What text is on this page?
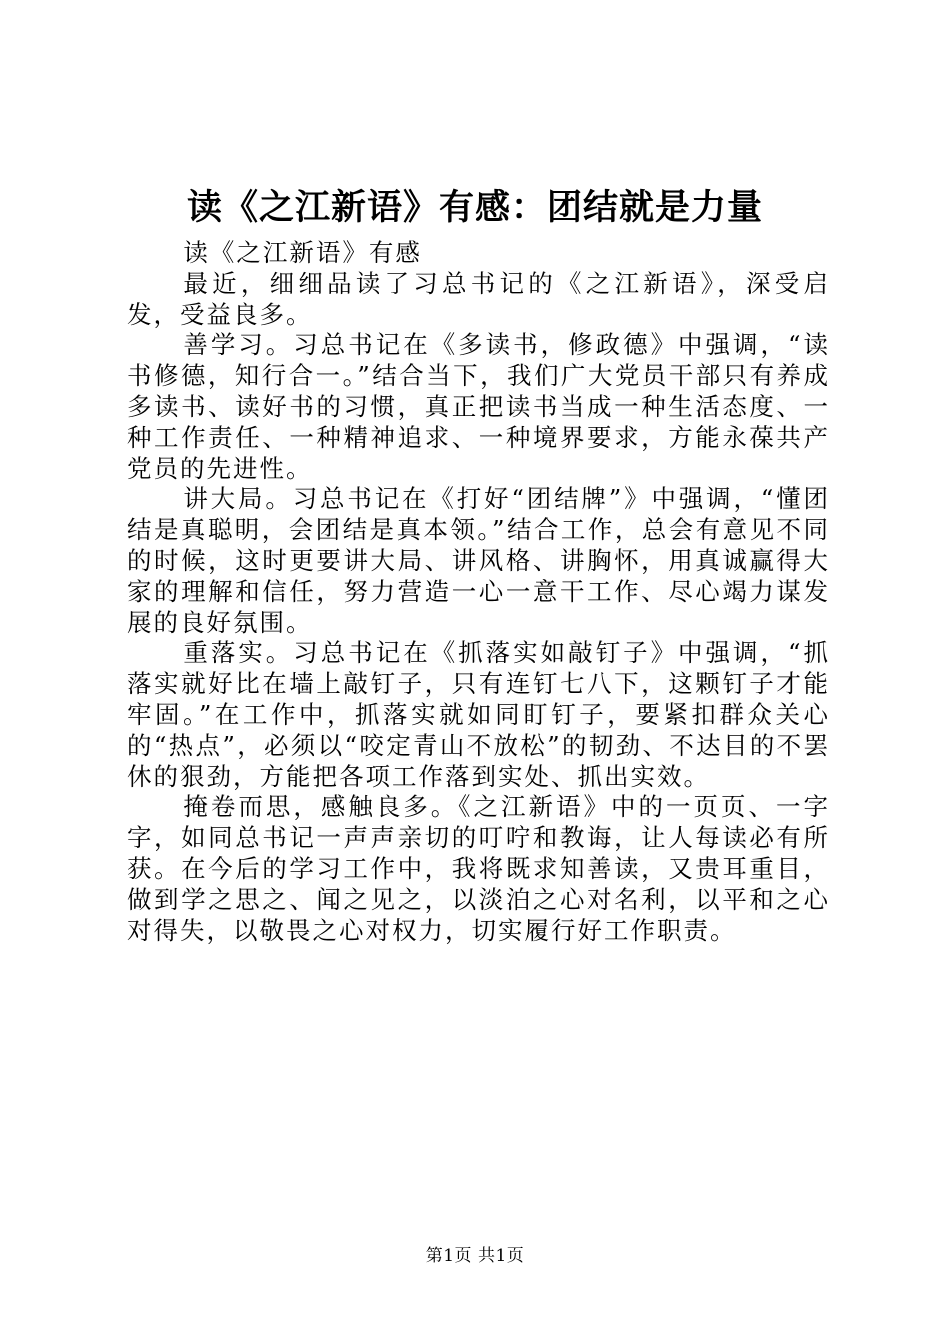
读《之江新语》有感：团结就是力量

读《之江新语》有感

最近，细细品读了习总书记的《之江新语》，深受启发，受益良多。

善学习。习总书记在《多读书，修政德》中强调，“读书修德，知行合一。”结合当下，我们广大党员干部只有养成多读书、读好书的习惯，真正把读书当成一种生活态度、一种工作责任、一种精神追求、一种境界要求，方能永葆共产党员的先进性。

讲大局。习总书记在《打好“团结牌”》中强调，“懂团结是真聪明，会团结是真本领。”结合工作，总会有意见不同的时候，这时更要讲大局、讲风格、讲胸怀，用真诚赢得大家的理解和信任，努力营造一心一意干工作、尽心竭力谋发展的良好氛围。

重落实。习总书记在《抓落实如敲钉子》中强调，“抓落实就好比在墙上敲钉子，只有连钉七八下，这颗钉子才能牢固。”在工作中，抓落实就如同盯钉子，要紧扣群众关心的“热点”，必须以“咬定青山不放松”的韧劲、不达目的不罢休的狠劲，方能把各项工作落到实处、抓出实效。

掩卷而思，感触良多。《之江新语》中的一页页、一字字，如同总书记一声声亲切的叮咛和教诲，让人每读必有所获。在今后的学习工作中，我将既求知善读，又贵耳重目，做到学之思之、闻之见之，以淡泊之心对名利，以平和之心对得失，以敬畏之心对权力，切实履行好工作职责。

第1页 共1页
